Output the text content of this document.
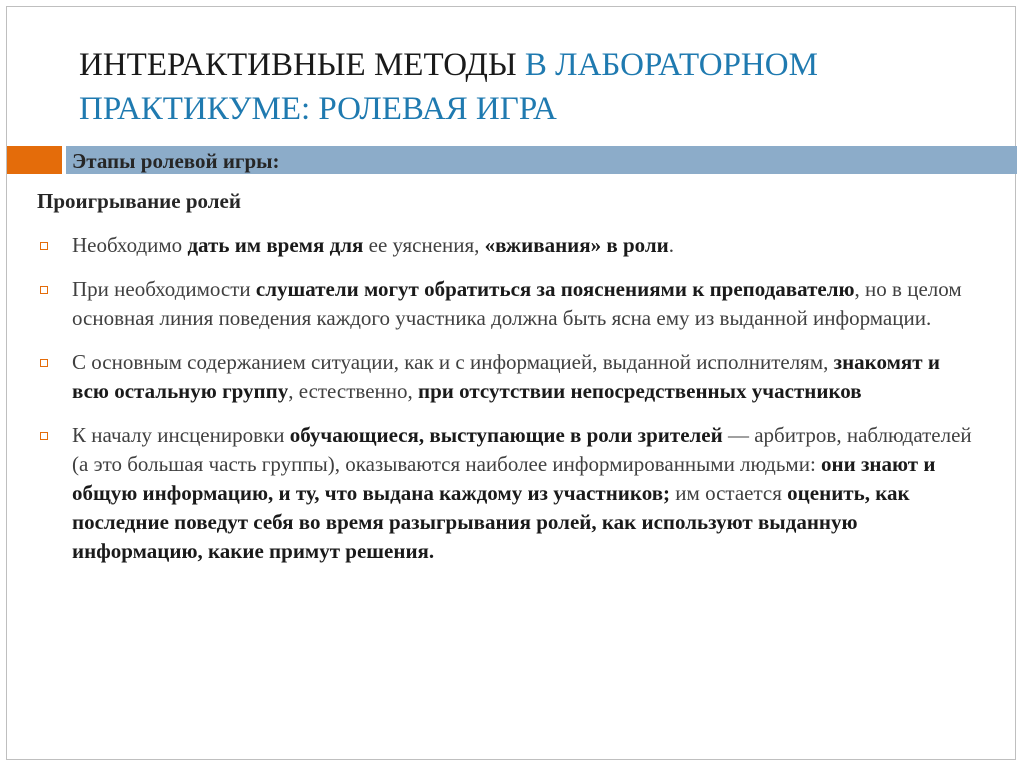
ИНТЕРАКТИВНЫЕ МЕТОДЫ В ЛАБОРАТОРНОМ ПРАКТИКУМЕ: РОЛЕВАЯ ИГРА
Этапы ролевой игры:
Проигрывание ролей
Необходимо дать им время для ее уяснения, «вживания» в роли.
При необходимости слушатели могут обратиться за пояснениями к преподавателю, но в целом основная линия поведения каждого участника должна быть ясна ему из выданной информации.
С основным содержанием ситуации, как и с информацией, выданной исполнителям, знакомят и всю остальную группу, естественно, при отсутствии непосредственных участников
К началу инсценировки обучающиеся, выступающие в роли зрителей — арбитров, наблюдателей (а это большая часть группы), оказываются наиболее информированными людьми: они знают и общую информацию, и ту, что выдана каждому из участников; им остается оценить, как последние поведут себя во время разыгрывания ролей, как используют выданную информацию, какие примут решения.
